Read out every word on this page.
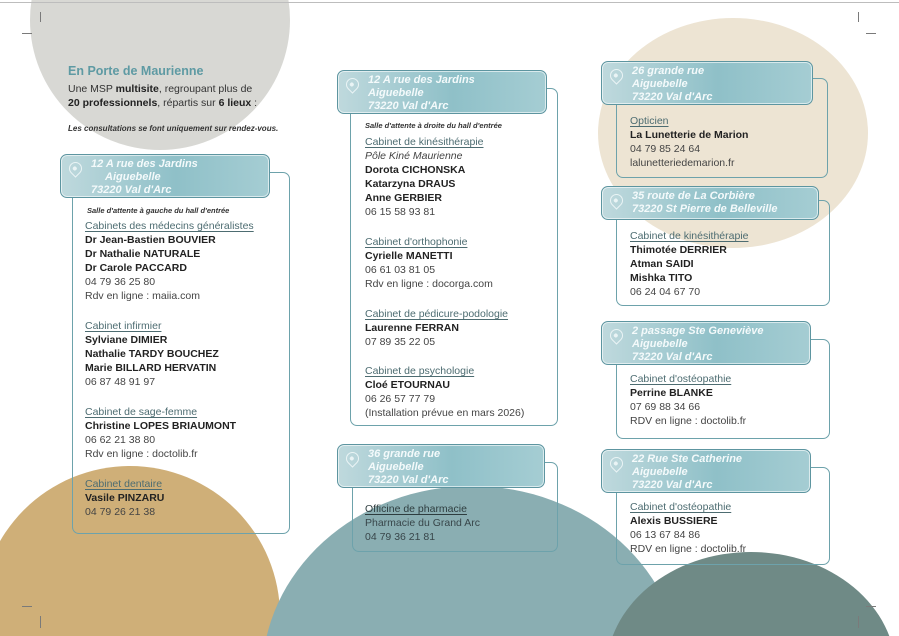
En Porte de Maurienne
Une MSP multisite, regroupant plus de
20 professionnels, répartis sur 6 lieux :
Les consultations se font uniquement sur rendez-vous.
12 A rue des Jardins
Aiguebelle
73220 Val d'Arc
Salle d'attente à gauche du hall d'entrée
Cabinets des médecins généralistes
Dr Jean-Bastien BOUVIER
Dr Nathalie NATURALE
Dr Carole PACCARD
04 79 36 25 80
Rdv en ligne : maiia.com
Cabinet infirmier
Sylviane DIMIER
Nathalie TARDY BOUCHEZ
Marie BILLARD HERVATIN
06 87 48 91 97
Cabinet de sage-femme
Christine LOPES BRIAUMONT
06 62 21 38 80
Rdv en ligne : doctolib.fr
Cabinet dentaire
Vasile PINZARU
04 79 26 21 38
12 A rue des Jardins
Aiguebelle
73220 Val d'Arc
Salle d'attente à droite du hall d'entrée
Cabinet de kinésithérapie
Pôle Kiné Maurienne
Dorota CICHONSKA
Katarzyna DRAUS
Anne GERBIER
06 15 58 93 81
Cabinet d'orthophonie
Cyrielle MANETTI
06 61 03 81 05
Rdv en ligne : docorga.com
Cabinet de pédicure-podologie
Laurenne FERRAN
07 89 35 22 05
Cabinet de psychologie
Cloé ETOURNAU
06 26 57 77 79
(Installation prévue en mars 2026)
36 grande rue
Aiguebelle
73220 Val d'Arc
Officine de pharmacie
Pharmacie du Grand Arc
04 79 36 21 81
26 grande rue
Aiguebelle
73220 Val d'Arc
Opticien
La Lunetterie de Marion
04 79 85 24 64
lalunetteriedemarion.fr
35 route de La Corbière
73220 St Pierre de Belleville
Cabinet de kinésithérapie
Thimotée DERRIER
Atman SAIDI
Mishka TITO
06 24 04 67 70
2 passage Ste Geneviève
Aiguebelle
73220 Val d'Arc
Cabinet d'ostéopathie
Perrine BLANKE
07 69 88 34 66
RDV en ligne : doctolib.fr
22 Rue Ste Catherine
Aiguebelle
73220 Val d'Arc
Cabinet d'ostéopathie
Alexis BUSSIERE
06 13 67 84 86
RDV en ligne : doctolib.fr
